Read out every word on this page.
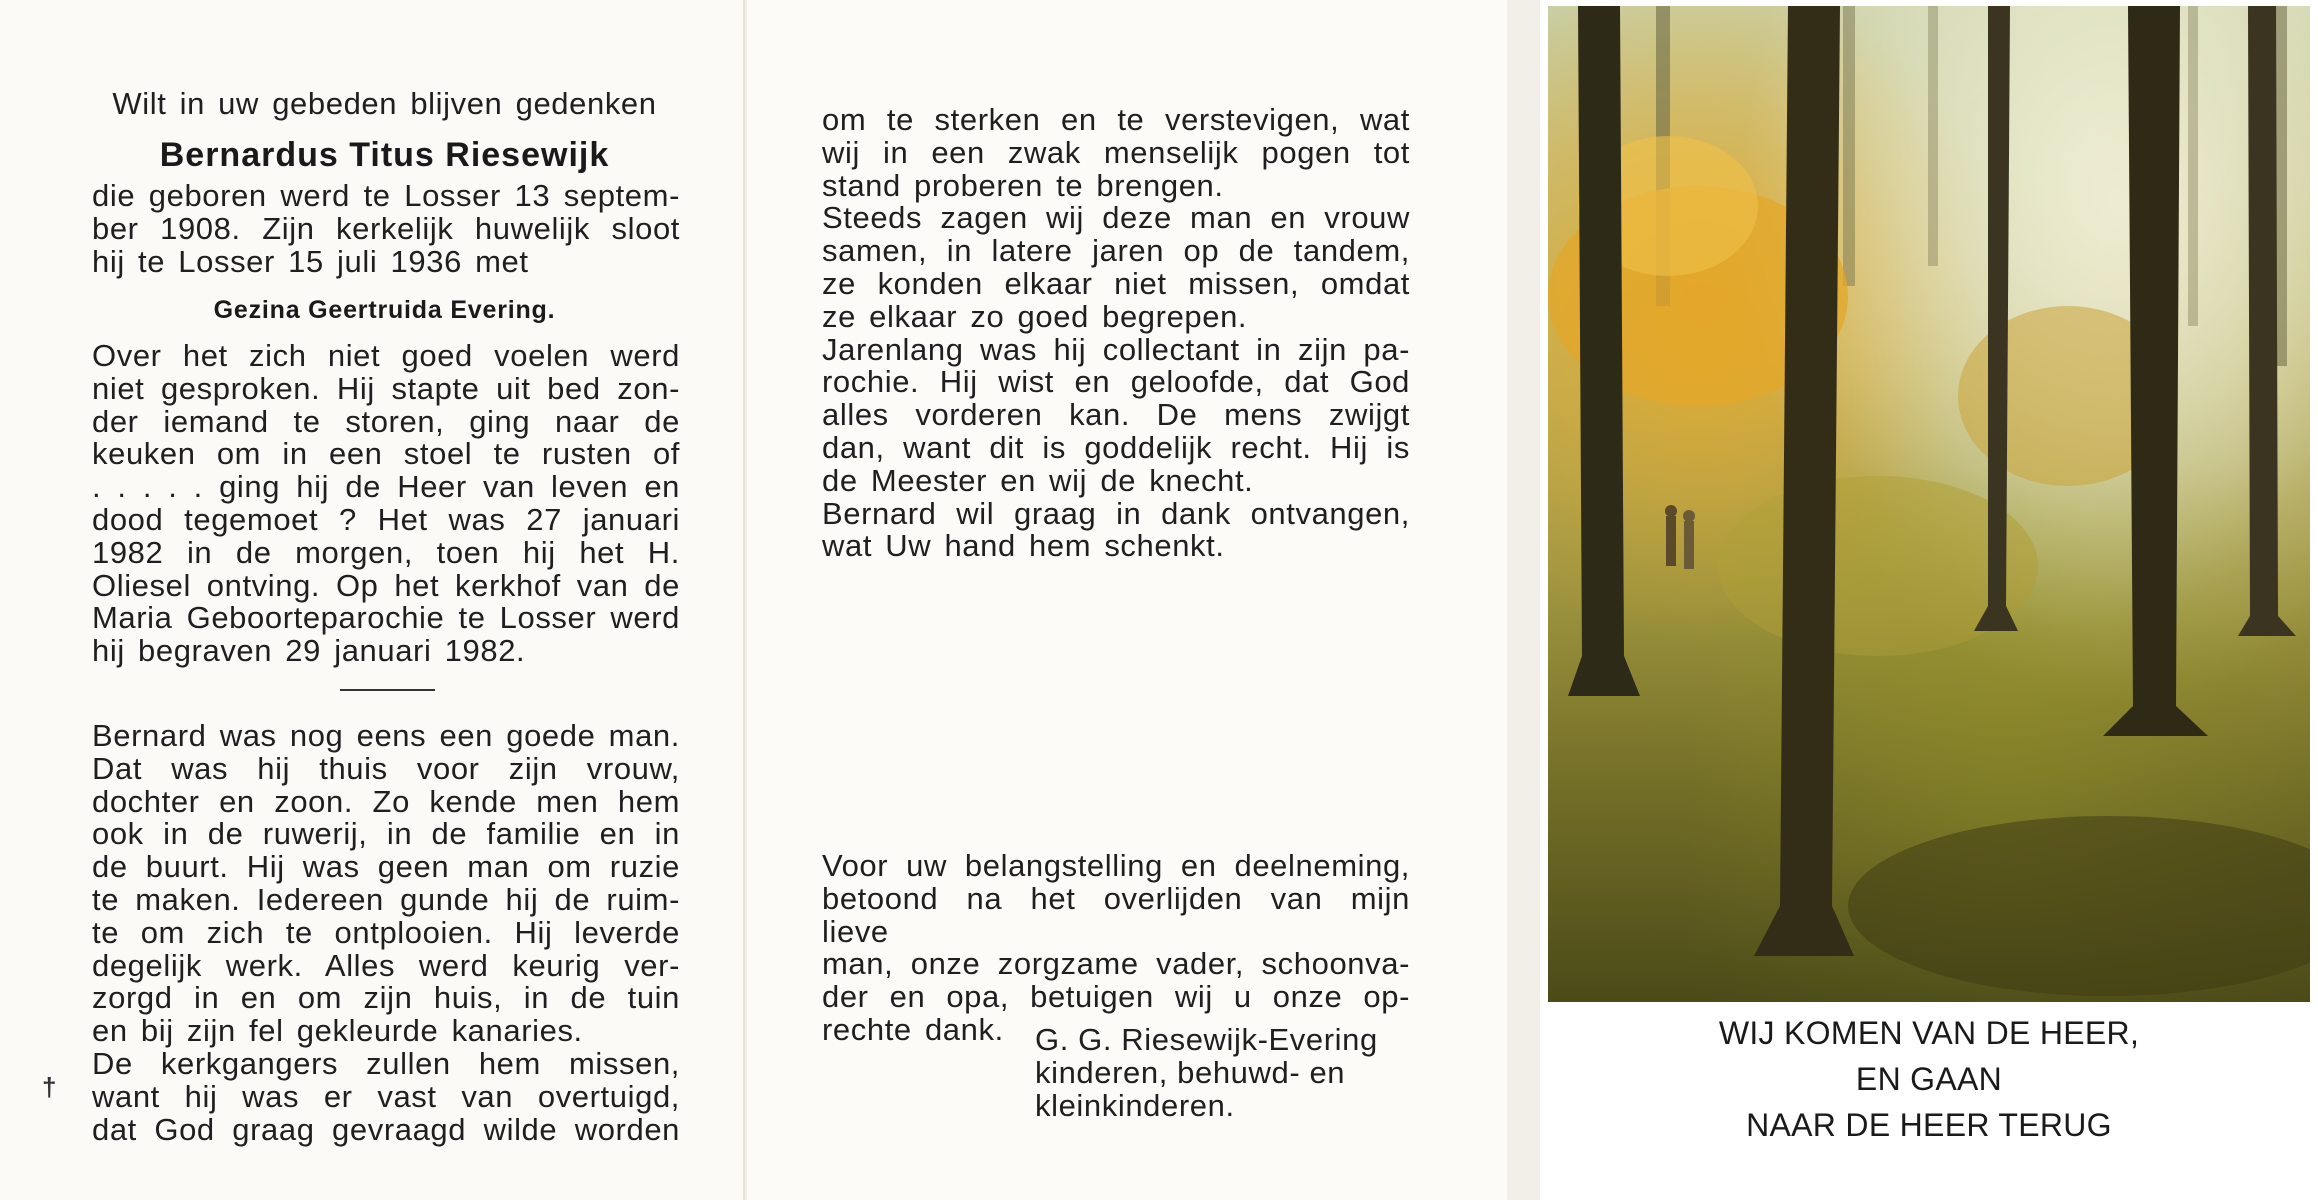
Wilt in uw gebeden blijven gedenken
Bernardus Titus Riesewijk
die geboren werd te Losser 13 septem-
ber 1908. Zijn kerkelijk huwelijk sloot
hij te Losser 15 juli 1936 met
Gezina Geertruida Evering.
Over het zich niet goed voelen werd
niet gesproken. Hij stapte uit bed zon-
der iemand te storen, ging naar de
keuken om in een stoel te rusten of
. . . . . ging hij de Heer van leven en
dood tegemoet ? Het was 27 januari
1982 in de morgen, toen hij het H.
Oliesel ontving. Op het kerkhof van de
Maria Geboorteparochie te Losser werd
hij begraven 29 januari 1982.
Bernard was nog eens een goede man.
Dat was hij thuis voor zijn vrouw,
dochter en zoon. Zo kende men hem
ook in de ruwerij, in de familie en in
de buurt. Hij was geen man om ruzie
te maken. Iedereen gunde hij de ruim-
te om zich te ontplooien. Hij leverde
degelijk werk. Alles werd keurig ver-
zorgd in en om zijn huis, in de tuin
en bij zijn fel gekleurde kanaries.
De kerkgangers zullen hem missen,
want hij was er vast van overtuigd,
dat God graag gevraagd wilde worden
†
om te sterken en te verstevigen, wat
wij in een zwak menselijk pogen tot
stand proberen te brengen.
Steeds zagen wij deze man en vrouw
samen, in latere jaren op de tandem,
ze konden elkaar niet missen, omdat
ze elkaar zo goed begrepen.
Jarenlang was hij collectant in zijn pa-
rochie. Hij wist en geloofde, dat God
alles vorderen kan. De mens zwijgt
dan, want dit is goddelijk recht. Hij is
de Meester en wij de knecht.
Bernard wil graag in dank ontvangen,
wat Uw hand hem schenkt.
Voor uw belangstelling en deelneming,
betoond na het overlijden van mijn lieve
man, onze zorgzame vader, schoonva-
der en opa, betuigen wij u onze op-
rechte dank.	G. G. Riesewijk-Evering
kinderen, behuwd- en
kleinkinderen.
WIJ KOMEN VAN DE HEER,
EN GAAN
NAAR DE HEER TERUG
